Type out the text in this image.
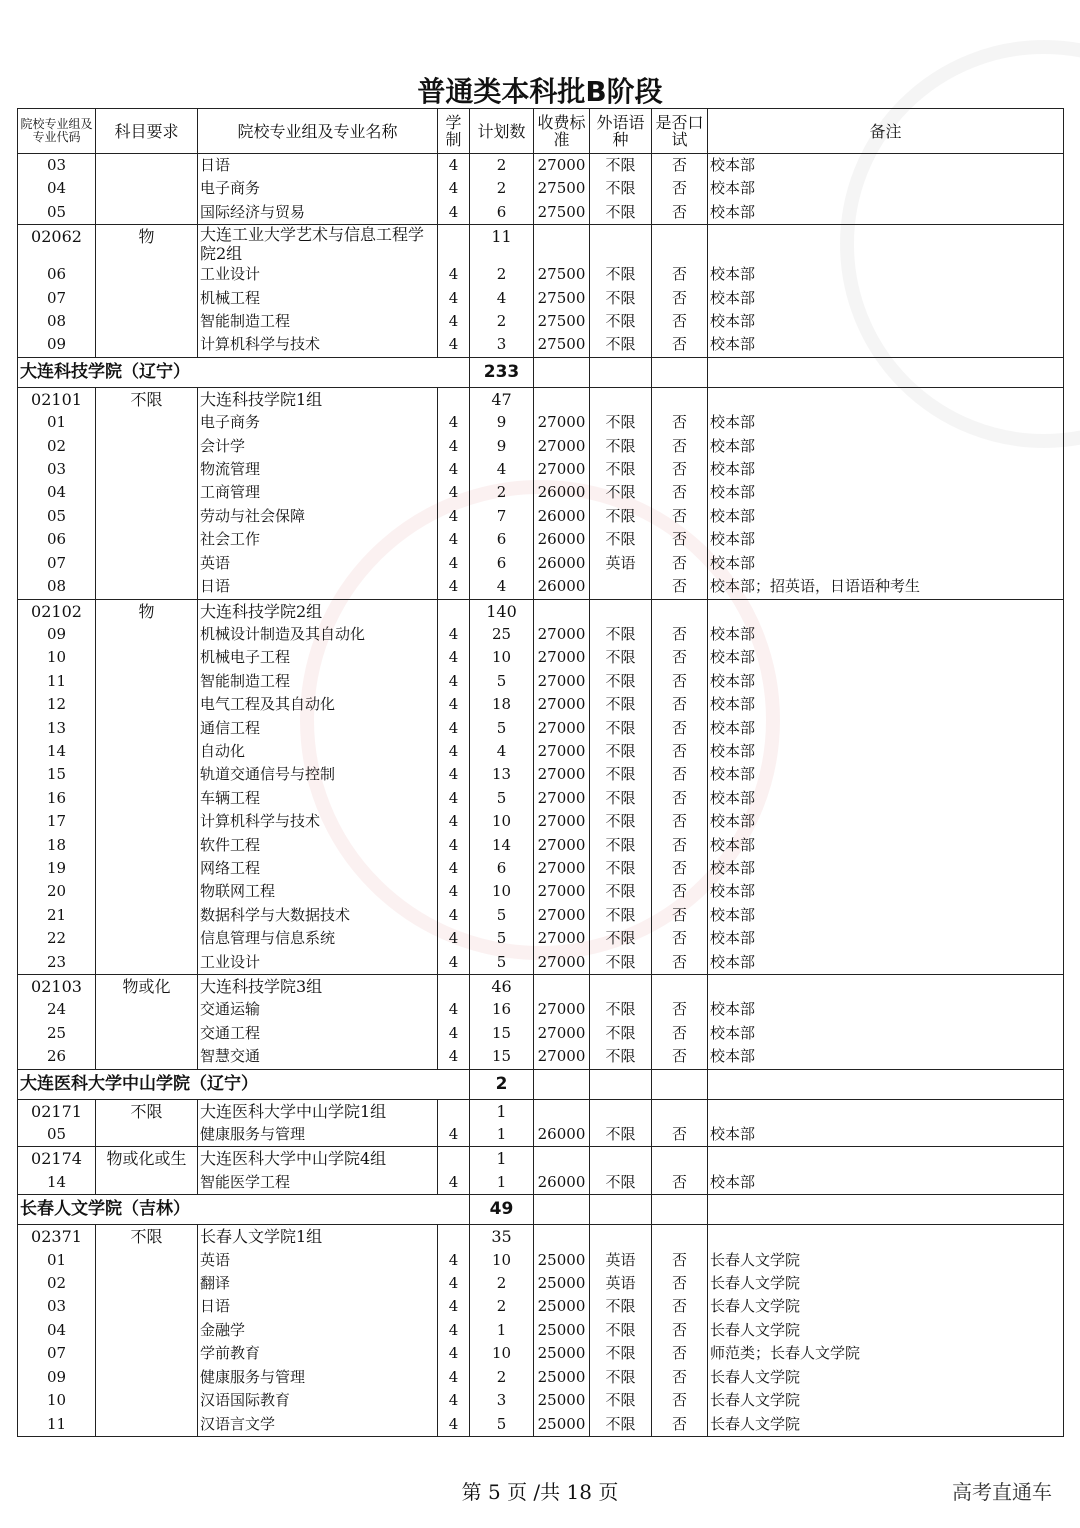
普通类本科批B阶段
院校专业组及专业代码	科目要求	院校专业组及专业名称	学制	计划数	收费标准	外语语种	是否口试	备注
03		日语	4	2	27000	不限	否	校本部
04		电子商务	4	2	27500	不限	否	校本部
05		国际经济与贸易	4	6	27500	不限	否	校本部
02062	物	大连工业大学艺术与信息工程学院2组		11				
06		工业设计	4	2	27500	不限	否	校本部
07		机械工程	4	4	27500	不限	否	校本部
08		智能制造工程	4	2	27500	不限	否	校本部
09		计算机科学与技术	4	3	27500	不限	否	校本部
大连科技学院（辽宁）				233				
02101	不限	大连科技学院1组		47				
01		电子商务	4	9	27000	不限	否	校本部
02		会计学	4	9	27000	不限	否	校本部
03		物流管理	4	4	27000	不限	否	校本部
04		工商管理	4	2	26000	不限	否	校本部
05		劳动与社会保障	4	7	26000	不限	否	校本部
06		社会工作	4	6	26000	不限	否	校本部
07		英语	4	6	26000	英语	否	校本部
08		日语	4	4	26000		否	校本部；招英语，日语语种考生
02102	物	大连科技学院2组		140				
09		机械设计制造及其自动化	4	25	27000	不限	否	校本部
10		机械电子工程	4	10	27000	不限	否	校本部
11		智能制造工程	4	5	27000	不限	否	校本部
12		电气工程及其自动化	4	18	27000	不限	否	校本部
13		通信工程	4	5	27000	不限	否	校本部
14		自动化	4	4	27000	不限	否	校本部
15		轨道交通信号与控制	4	13	27000	不限	否	校本部
16		车辆工程	4	5	27000	不限	否	校本部
17		计算机科学与技术	4	10	27000	不限	否	校本部
18		软件工程	4	14	27000	不限	否	校本部
19		网络工程	4	6	27000	不限	否	校本部
20		物联网工程	4	10	27000	不限	否	校本部
21		数据科学与大数据技术	4	5	27000	不限	否	校本部
22		信息管理与信息系统	4	5	27000	不限	否	校本部
23		工业设计	4	5	27000	不限	否	校本部
02103	物或化	大连科技学院3组		46				
24		交通运输	4	16	27000	不限	否	校本部
25		交通工程	4	15	27000	不限	否	校本部
26		智慧交通	4	15	27000	不限	否	校本部
大连医科大学中山学院（辽宁）				2				
02171	不限	大连医科大学中山学院1组		1				
05		健康服务与管理	4	1	26000	不限	否	校本部
02174	物或化或生	大连医科大学中山学院4组		1				
14		智能医学工程	4	1	26000	不限	否	校本部
长春人文学院（吉林）				49				
02371	不限	长春人文学院1组		35				
01		英语	4	10	25000	英语	否	长春人文学院
02		翻译	4	2	25000	英语	否	长春人文学院
03		日语	4	2	25000	不限	否	长春人文学院
04		金融学	4	1	25000	不限	否	长春人文学院
07		学前教育	4	10	25000	不限	否	师范类；长春人文学院
09		健康服务与管理	4	2	25000	不限	否	长春人文学院
10		汉语国际教育	4	3	25000	不限	否	长春人文学院
11		汉语言文学	4	5	25000	不限	否	长春人文学院
第 5 页 /共 18 页	高考直通车
